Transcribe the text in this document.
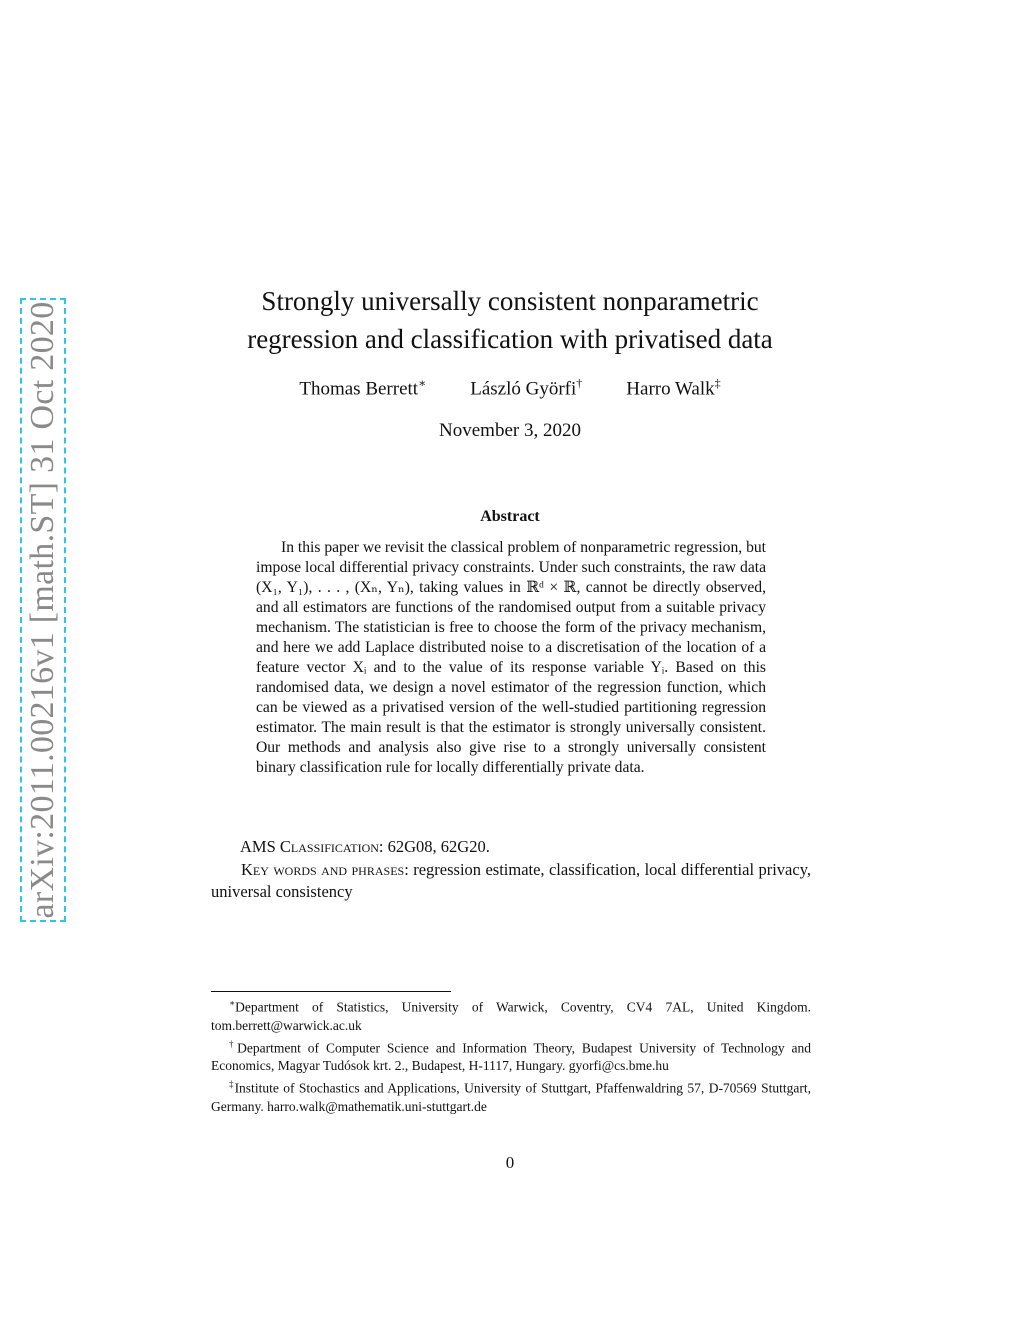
arXiv:2011.00216v1 [math.ST] 31 Oct 2020
Strongly universally consistent nonparametric
regression and classification with privatised data
Thomas Berrett∗ László Györfi† Harro Walk‡
November 3, 2020
Abstract

In this paper we revisit the classical problem of nonparametric regression, but impose local differential privacy constraints. Under such constraints, the raw data (X₁, Y₁), . . . , (Xₙ, Yₙ), taking values in ℝᵈ × ℝ, cannot be directly observed, and all estimators are functions of the randomised output from a suitable privacy mechanism. The statistician is free to choose the form of the privacy mechanism, and here we add Laplace distributed noise to a discretisation of the location of a feature vector Xᵢ and to the value of its response variable Yᵢ. Based on this randomised data, we design a novel estimator of the regression function, which can be viewed as a privatised version of the well-studied partitioning regression estimator. The main result is that the estimator is strongly universally consistent. Our methods and analysis also give rise to a strongly universally consistent binary classification rule for locally differentially private data.

AMS Classification: 62G08, 62G20.
Key words and phrases: regression estimate, classification, local differential privacy, universal consistency

∗Department of Statistics, University of Warwick, Coventry, CV4 7AL, United Kingdom. tom.berrett@warwick.ac.uk

†Department of Computer Science and Information Theory, Budapest University of Technology and Economics, Magyar Tudósok krt. 2., Budapest, H-1117, Hungary. gyorfi@cs.bme.hu

‡Institute of Stochastics and Applications, University of Stuttgart, Pfaffenwaldring 57, D-70569 Stuttgart, Germany. harro.walk@mathematik.uni-stuttgart.de

0
